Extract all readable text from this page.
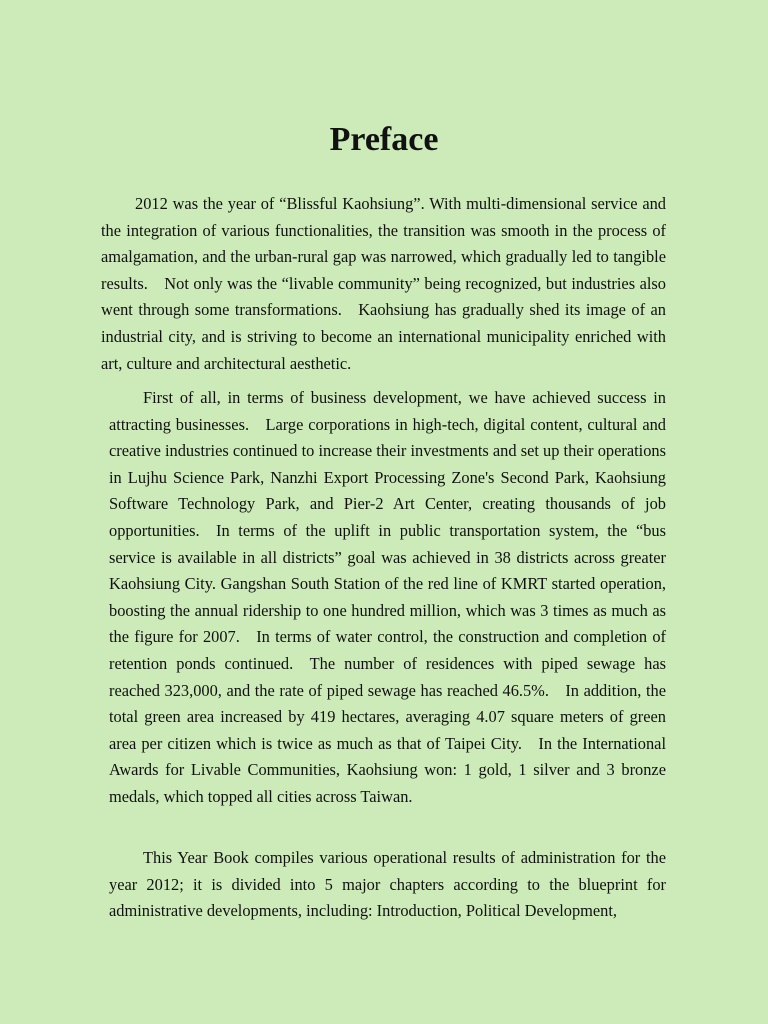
Preface

2012 was the year of “Blissful Kaohsiung”. With multi-dimensional service and the integration of various functionalities, the transition was smooth in the process of amalgamation, and the urban-rural gap was narrowed, which gradually led to tangible results. Not only was the “livable community” being recognized, but industries also went through some transformations. Kaohsiung has gradually shed its image of an industrial city, and is striving to become an international municipality enriched with art, culture and architectural aesthetic.

First of all, in terms of business development, we have achieved success in attracting businesses. Large corporations in high-tech, digital content, cultural and creative industries continued to increase their investments and set up their operations in Lujhu Science Park, Nanzhi Export Processing Zone's Second Park, Kaohsiung Software Technology Park, and Pier-2 Art Center, creating thousands of job opportunities. In terms of the uplift in public transportation system, the “bus service is available in all districts” goal was achieved in 38 districts across greater Kaohsiung City. Gangshan South Station of the red line of KMRT started operation, boosting the annual ridership to one hundred million, which was 3 times as much as the figure for 2007. In terms of water control, the construction and completion of retention ponds continued. The number of residences with piped sewage has reached 323,000, and the rate of piped sewage has reached 46.5%. In addition, the total green area increased by 419 hectares, averaging 4.07 square meters of green area per citizen which is twice as much as that of Taipei City. In the International Awards for Livable Communities, Kaohsiung won: 1 gold, 1 silver and 3 bronze medals, which topped all cities across Taiwan.

This Year Book compiles various operational results of administration for the year 2012; it is divided into 5 major chapters according to the blueprint for administrative developments, including: Introduction, Political Development,
